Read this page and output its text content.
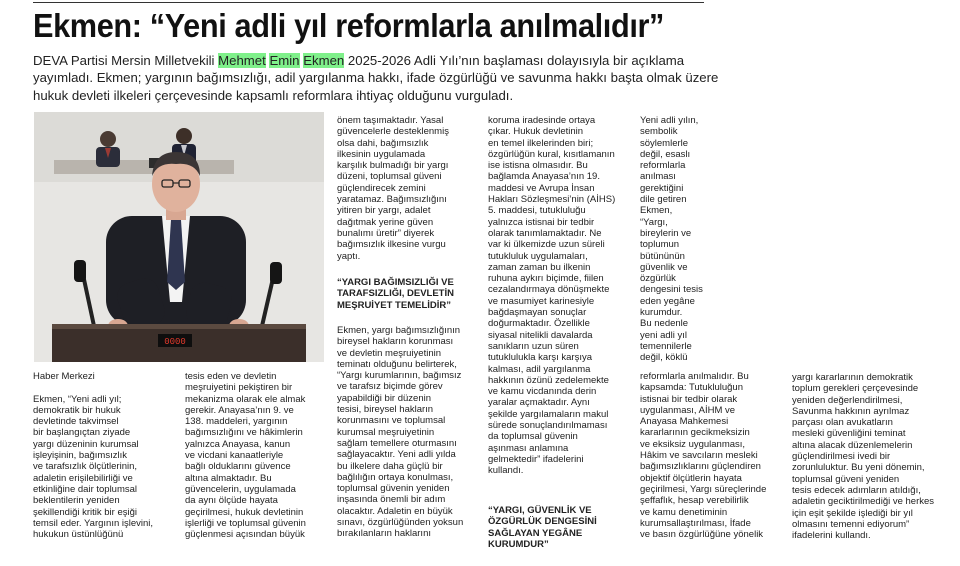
Ekmen: “Yeni adli yıl reformlarla anılmalıdır”
DEVA Partisi Mersin Milletvekili Mehmet Emin Ekmen 2025-2026 Adli Yılı’nın başlaması dolayısıyla bir açıklama yayımladı. Ekmen; yargının bağımsızlığı, adil yargılanma hakkı, ifade özgürlüğü ve savunma hakkı başta olmak üzere hukuk devleti ilkeleri çerçevesinde kapsamlı reformlara ihtiyaç olduğunu vurguladı.
0000
Haber Merkezi

Ekmen, “Yeni adli yıl;
demokratik bir hukuk
devletinde takvimsel
bir başlangıçtan ziyade
yargı düzeninin kurumsal
işleyişinin, bağımsızlık
ve tarafsızlık ölçütlerinin,
adaletin erişilebilirliği ve
etkinliğine dair toplumsal
beklentilerin yeniden
şekillendiği kritik bir eşiği
temsil eder. Yargının işlevini,
hukukun üstünlüğünü
tesis eden ve devletin
meşruiyetini pekiştiren bir
mekanizma olarak ele almak
gerekir. Anayasa’nın 9. ve
138. maddeleri, yargının
bağımsızlığını ve hâkimlerin
yalnızca Anayasa, kanun
ve vicdani kanaatleriyle
bağlı olduklarını güvence
altına almaktadır. Bu
güvencelerin, uygulamada
da aynı ölçüde hayata
geçirilmesi, hukuk devletinin
işlerliği ve toplumsal güvenin
güçlenmesi açısından büyük
önem taşımaktadır. Yasal
güvencelerle desteklenmiş
olsa dahi, bağımsızlık
ilkesinin uygulamada
karşılık bulmadığı bir yargı
düzeni, toplumsal güveni
güçlendirecek zemini
yaratamaz. Bağımsızlığını
yitiren bir yargı, adalet
dağıtmak yerine güven
bunalımı üretir” diyerek
bağımsızlık ilkesine vurgu
yaptı.
“YARGI BAĞIMSIZLIĞI VE
TARAFSIZLIĞI, DEVLETİN
MEŞRUİYET TEMELİDİR”
Ekmen, yargı bağımsızlığının
bireysel hakların korunması
ve devletin meşruiyetinin
teminatı olduğunu belirterek,
“Yargı kurumlarının, bağımsız
ve tarafsız biçimde görev
yapabildiği bir düzenin
tesisi, bireysel hakların
korunmasını ve toplumsal
kurumsal meşruiyetinin
sağlam temellere oturmasını
sağlayacaktır. Yeni adli yılda
bu ilkelere daha güçlü bir
bağlılığın ortaya konulması,
toplumsal güvenin yeniden
inşasında önemli bir adım
olacaktır. Adaletin en büyük
sınavı, özgürlüğünden yoksun
bırakılanların haklarını
koruma iradesinde ortaya
çıkar. Hukuk devletinin
en temel ilkelerinden biri;
özgürlüğün kural, kısıtlamanın
ise istisna olmasıdır. Bu
bağlamda Anayasa’nın 19.
maddesi ve Avrupa İnsan
Hakları Sözleşmesi’nin (AİHS)
5. maddesi, tutukluluğu
yalnızca istisnai bir tedbir
olarak tanımlamaktadır. Ne
var ki ülkemizde uzun süreli
tutukluluk uygulamaları,
zaman zaman bu ilkenin
ruhuna aykırı biçimde, fiilen
cezalandırmaya dönüşmekte
ve masumiyet karinesiyle
bağdaşmayan sonuçlar
doğurmaktadır. Özellikle
siyasal nitelikli davalarda
sanıkların uzun süren
tutukluluklа karşı karşıya
kalması, adil yargılanma
hakkının özünü zedelemekte
ve kamu vicdanında derin
yaralar açmaktadır. Aynı
şekilde yargılamaların makul
sürede sonuçlandırılmaması
da toplumsal güvenin
aşınması anlamına
gelmektedir” ifadelerini
kullandı.
“YARGI, GÜVENLİK VE
ÖZGÜRLÜK DENGESİNİ
SAĞLAYAN YEGÂNE
KURUMDUR”
Yeni adli yılın,
sembolik
söylemlerle
değil, esaslı
reformlarla
anılması
gerektiğini
dile getiren
Ekmen,
“Yargı,
bireylerin ve
toplumun
bütününün
güvenlik ve
özgürlük
dengesini tesis
eden yegâne
kurumdur.
Bu nedenle
yeni adli yıl
temennilerle
değil, köklü
reformlarla anılmalıdır. Bu
kapsamda: Tutukluluğun
istisnai bir tedbir olarak
uygulanması, AİHM ve
Anayasa Mahkemesi
kararlarının gecikmeksizin
ve eksiksiz uygulanması,
Hâkim ve savcıların mesleki
bağımsızlıklarını güçlendiren
objektif ölçütlerin hayata
geçirilmesi, Yargı süreçlerinde
şeffaflık, hesap verebilirlik
ve kamu denetiminin
kurumsallaştırılması, İfade
ve basın özgürlüğüne yönelik
yargı kararlarının demokratik
toplum gerekleri çerçevesinde
yeniden değerlendirilmesi,
Savunma hakkının ayrılmaz
parçası olan avukatların
mesleki güvenliğini teminat
altına alacak düzenlemelerin
güçlendirilmesi ivedi bir
zorunluluktur. Bu yeni dönemin,
toplumsal güveni yeniden
tesis edecek adımların atıldığı,
adaletin geciktirilmediği ve herkes
için eşit şekilde işlediği bir yıl
olmasını temenni ediyorum”
ifadelerini kullandı.
